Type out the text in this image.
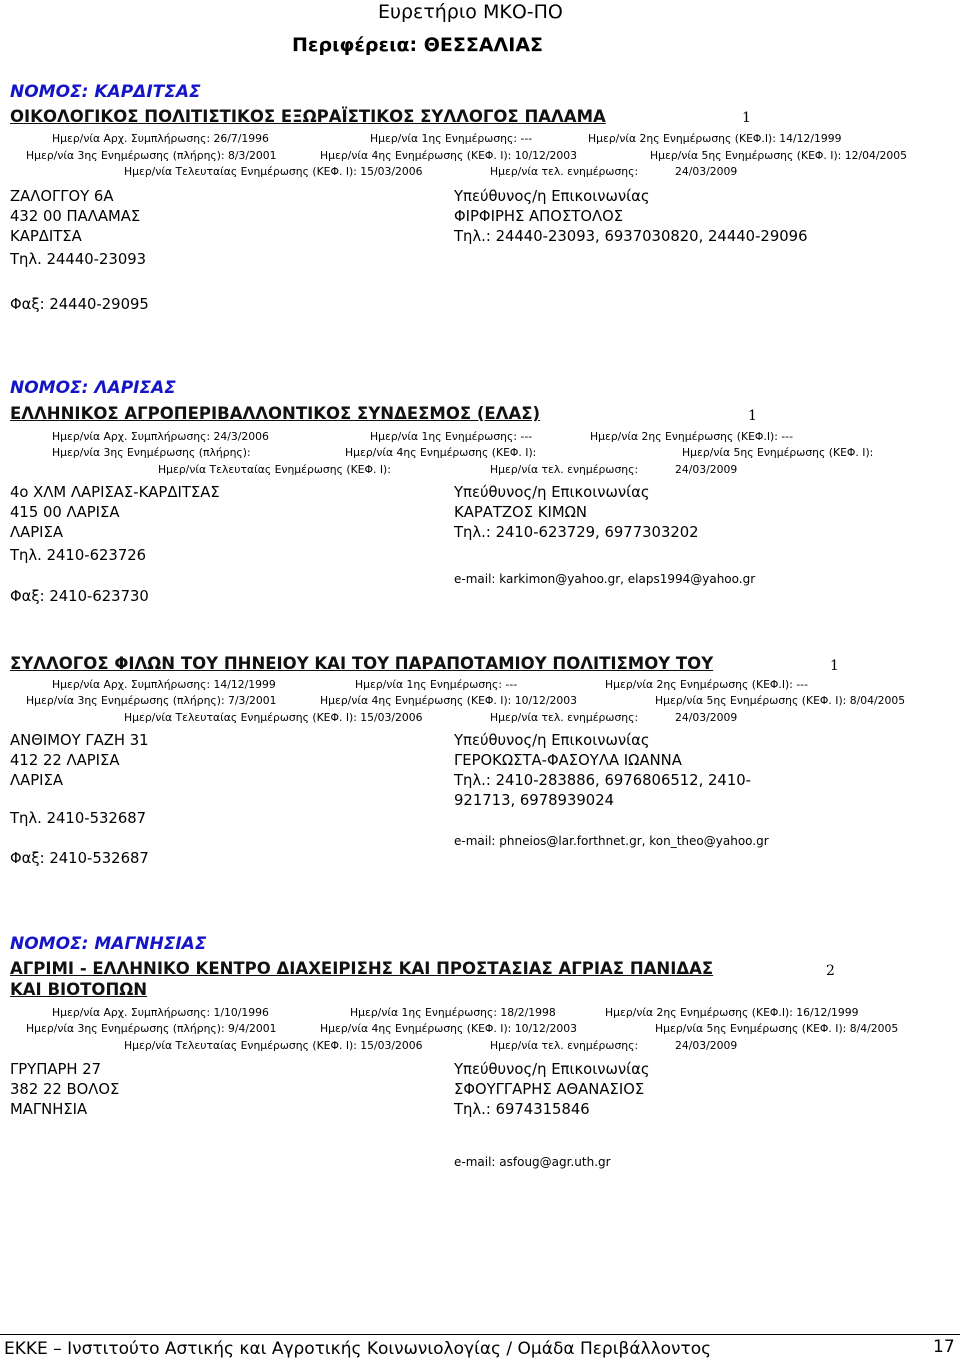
Ευρετήριο ΜΚΟ-ΠΟ
Περιφέρεια: ΘΕΣΣΑΛΙΑΣ
ΝΟΜΟΣ: ΚΑΡΔΙΤΣΑΣ
ΟΙΚΟΛΟΓΙΚΟΣ ΠΟΛΙΤΙΣΤΙΚΟΣ ΕΞΩΡΑΪΣΤΙΚΟΣ ΣΥΛΛΟΓΟΣ ΠΑΛΑΜΑ	1
Ημερ/νία Αρχ. Συμπλήρωσης: 26/7/1996	Ημερ/νία 1ης Ενημέρωσης: ---	Ημερ/νία 2ης Ενημέρωσης (ΚΕΦ.Ι): 14/12/1999
Ημερ/νία 3ης Ενημέρωσης (πλήρης): 8/3/2001	Ημερ/νία 4ης Ενημέρωσης (ΚΕΦ. Ι): 10/12/2003	Ημερ/νία 5ης Ενημέρωσης (ΚΕΦ. Ι): 12/04/2005
Ημερ/νία Τελευταίας Ενημέρωσης (ΚΕΦ. Ι): 15/03/2006	Ημερ/νία τελ. ενημέρωσης:	24/03/2009
ΖΑΛΟΓΓΟΥ 6Α
432 00 ΠΑΛΑΜΑΣ
ΚΑΡΔΙΤΣΑ
Τηλ. 24440-23093
Φαξ: 24440-29095
Υπεύθυνος/η Επικοινωνίας
ΦΙΡΦΙΡΗΣ ΑΠΟΣΤΟΛΟΣ
Τηλ.: 24440-23093, 6937030820, 24440-29096
ΝΟΜΟΣ: ΛΑΡΙΣΑΣ
ΕΛΛΗΝΙΚΟΣ ΑΓΡΟΠΕΡΙΒΑΛΛΟΝΤΙΚΟΣ ΣΥΝΔΕΣΜΟΣ (ΕΛΑΣ)	1
Ημερ/νία Αρχ. Συμπλήρωσης: 24/3/2006	Ημερ/νία 1ης Ενημέρωσης: ---	Ημερ/νία 2ης Ενημέρωσης (ΚΕΦ.Ι): ---
Ημερ/νία 3ης Ενημέρωσης (πλήρης):	Ημερ/νία 4ης Ενημέρωσης (ΚΕΦ. Ι):	Ημερ/νία 5ης Ενημέρωσης (ΚΕΦ. Ι):
Ημερ/νία Τελευταίας Ενημέρωσης (ΚΕΦ. Ι):	Ημερ/νία τελ. ενημέρωσης:	24/03/2009
4ο ΧΛΜ ΛΑΡΙΣΑΣ-ΚΑΡΔΙΤΣΑΣ
415 00 ΛΑΡΙΣΑ
ΛΑΡΙΣΑ
Τηλ. 2410-623726
Φαξ: 2410-623730
Υπεύθυνος/η Επικοινωνίας
ΚΑΡΑΤΖΟΣ ΚΙΜΩΝ
Τηλ.: 2410-623729, 6977303202
e-mail: karkimon@yahoo.gr, elaps1994@yahoo.gr
ΣΥΛΛΟΓΟΣ ΦΙΛΩΝ ΤΟΥ ΠΗΝΕΙΟΥ ΚΑΙ ΤΟΥ ΠΑΡΑΠΟΤΑΜΙΟΥ ΠΟΛΙΤΙΣΜΟΥ ΤΟΥ	1
Ημερ/νία Αρχ. Συμπλήρωσης: 14/12/1999	Ημερ/νία 1ης Ενημέρωσης: ---	Ημερ/νία 2ης Ενημέρωσης (ΚΕΦ.Ι): ---
Ημερ/νία 3ης Ενημέρωσης (πλήρης): 7/3/2001	Ημερ/νία 4ης Ενημέρωσης (ΚΕΦ. Ι): 10/12/2003	Ημερ/νία 5ης Ενημέρωσης (ΚΕΦ. Ι): 8/04/2005
Ημερ/νία Τελευταίας Ενημέρωσης (ΚΕΦ. Ι): 15/03/2006	Ημερ/νία τελ. ενημέρωσης:	24/03/2009
ΑΝΘΙΜΟΥ ΓΑΖΗ 31
412 22 ΛΑΡΙΣΑ
ΛΑΡΙΣΑ
Τηλ. 2410-532687
Φαξ: 2410-532687
Υπεύθυνος/η Επικοινωνίας
ΓΕΡΟΚΩΣΤΑ-ΦΑΣΟΥΛΑ ΙΩΑΝΝΑ
Τηλ.: 2410-283886, 6976806512, 2410-
921713, 6978939024
e-mail: phneios@lar.forthnet.gr, kon_theo@yahoo.gr
ΝΟΜΟΣ: ΜΑΓΝΗΣΙΑΣ
ΑΓΡΙΜΙ - ΕΛΛΗΝΙΚΟ ΚΕΝΤΡΟ ΔΙΑΧΕΙΡΙΣΗΣ ΚΑΙ ΠΡΟΣΤΑΣΙΑΣ ΑΓΡΙΑΣ ΠΑΝΙΔΑΣ
ΚΑΙ ΒΙΟΤΟΠΩΝ
2
Ημερ/νία Αρχ. Συμπλήρωσης: 1/10/1996	Ημερ/νία 1ης Ενημέρωσης: 18/2/1998	Ημερ/νία 2ης Ενημέρωσης (ΚΕΦ.Ι): 16/12/1999
Ημερ/νία 3ης Ενημέρωσης (πλήρης): 9/4/2001	Ημερ/νία 4ης Ενημέρωσης (ΚΕΦ. Ι): 10/12/2003	Ημερ/νία 5ης Ενημέρωσης (ΚΕΦ. Ι): 8/4/2005
Ημερ/νία Τελευταίας Ενημέρωσης (ΚΕΦ. Ι): 15/03/2006	Ημερ/νία τελ. ενημέρωσης:	24/03/2009
ΓΡΥΠΑΡΗ 27
382 22 ΒΟΛΟΣ
ΜΑΓΝΗΣΙΑ
Υπεύθυνος/η Επικοινωνίας
ΣΦΟΥΓΓΑΡΗΣ ΑΘΑΝΑΣΙΟΣ
Τηλ.: 6974315846
e-mail: asfoug@agr.uth.gr
ΕΚΚΕ – Ινστιτούτο Αστικής και Αγροτικής Κοινωνιολογίας / Ομάδα Περιβάλλοντος	17
